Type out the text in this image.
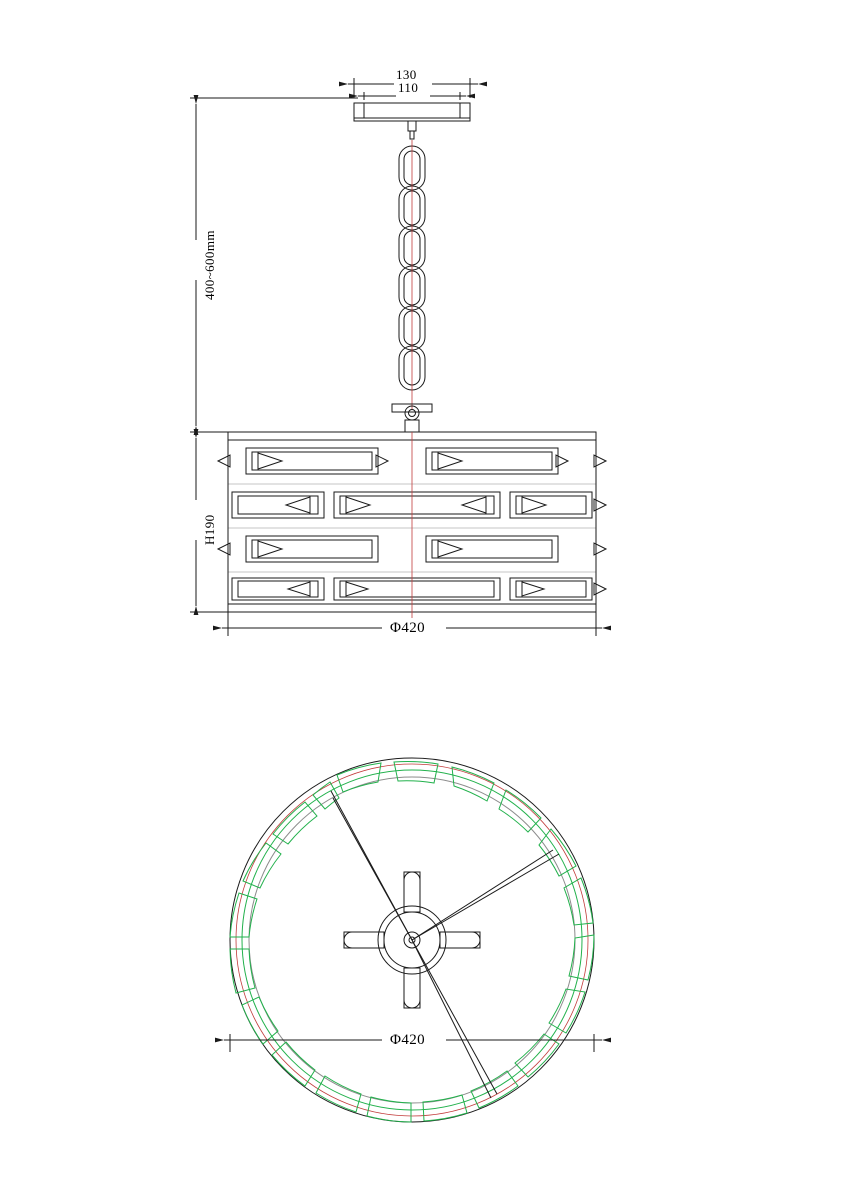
130
110
400~600mm
H190
Φ420
Φ420
